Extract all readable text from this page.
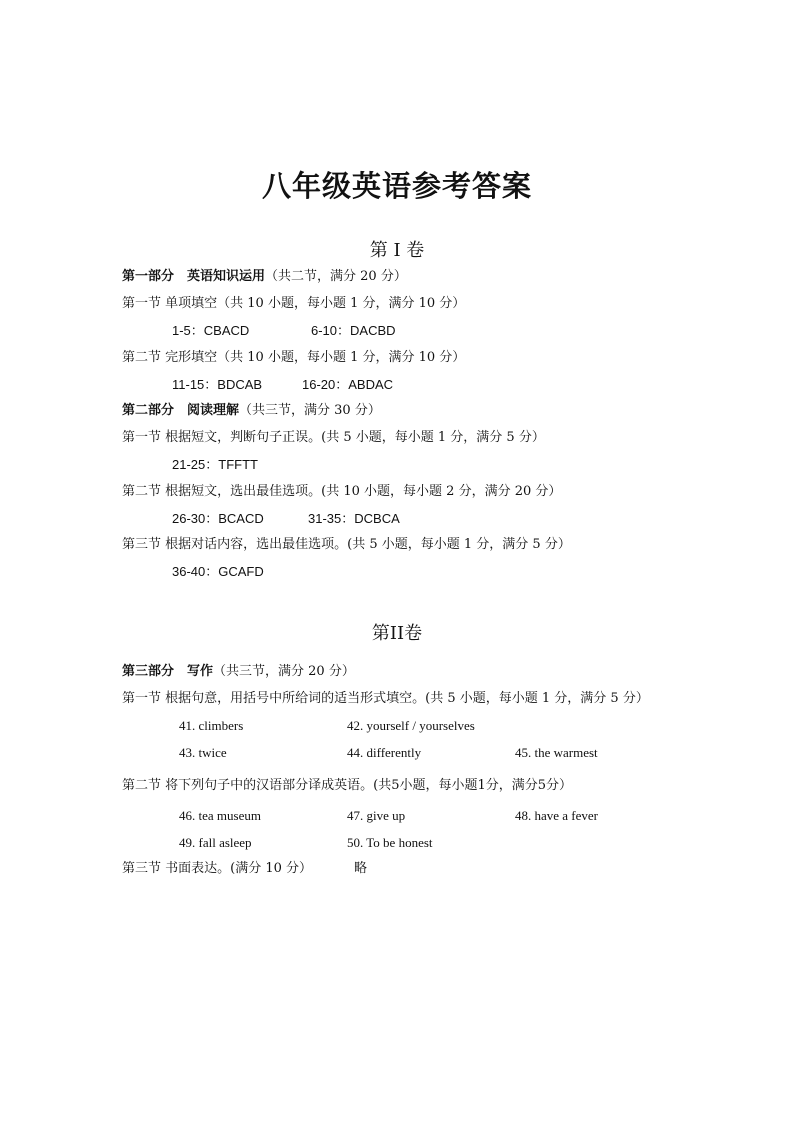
八年级英语参考答案
第 I 卷
第一部分　英语知识运用（共二节，满分 20 分）
第一节 单项填空（共 10 小题，每小题 1 分，满分 10 分）
1-5：CBACD	6-10：DACBD
第二节 完形填空（共 10 小题，每小题 1 分，满分 10 分）
11-15：BDCAB	16-20：ABDAC
第二部分　阅读理解（共三节，满分 30 分）
第一节 根据短文，判断句子正误。(共 5 小题，每小题 1 分，满分 5 分）
21-25：TFFTT
第二节 根据短文，选出最佳选项。(共 10 小题，每小题 2 分，满分 20 分）
26-30：BCACD	31-35：DCBCA
第三节 根据对话内容，选出最佳选项。(共 5 小题，每小题 1 分，满分 5 分）
36-40：GCAFD
第II卷
第三部分　写作（共三节，满分 20 分）
第一节 根据句意，用括号中所给词的适当形式填空。(共 5 小题，每小题 1 分，满分 5 分）
41. climbers	42. yourself / yourselves
43. twice	44. differently	45. the warmest
第二节 将下列句子中的汉语部分译成英语。(共5小题，每小题1分，满分5分）
46. tea museum	47. give up	48. have a fever
49. fall asleep	50. To be honest
第三节 书面表达。(满分 10 分）	略
